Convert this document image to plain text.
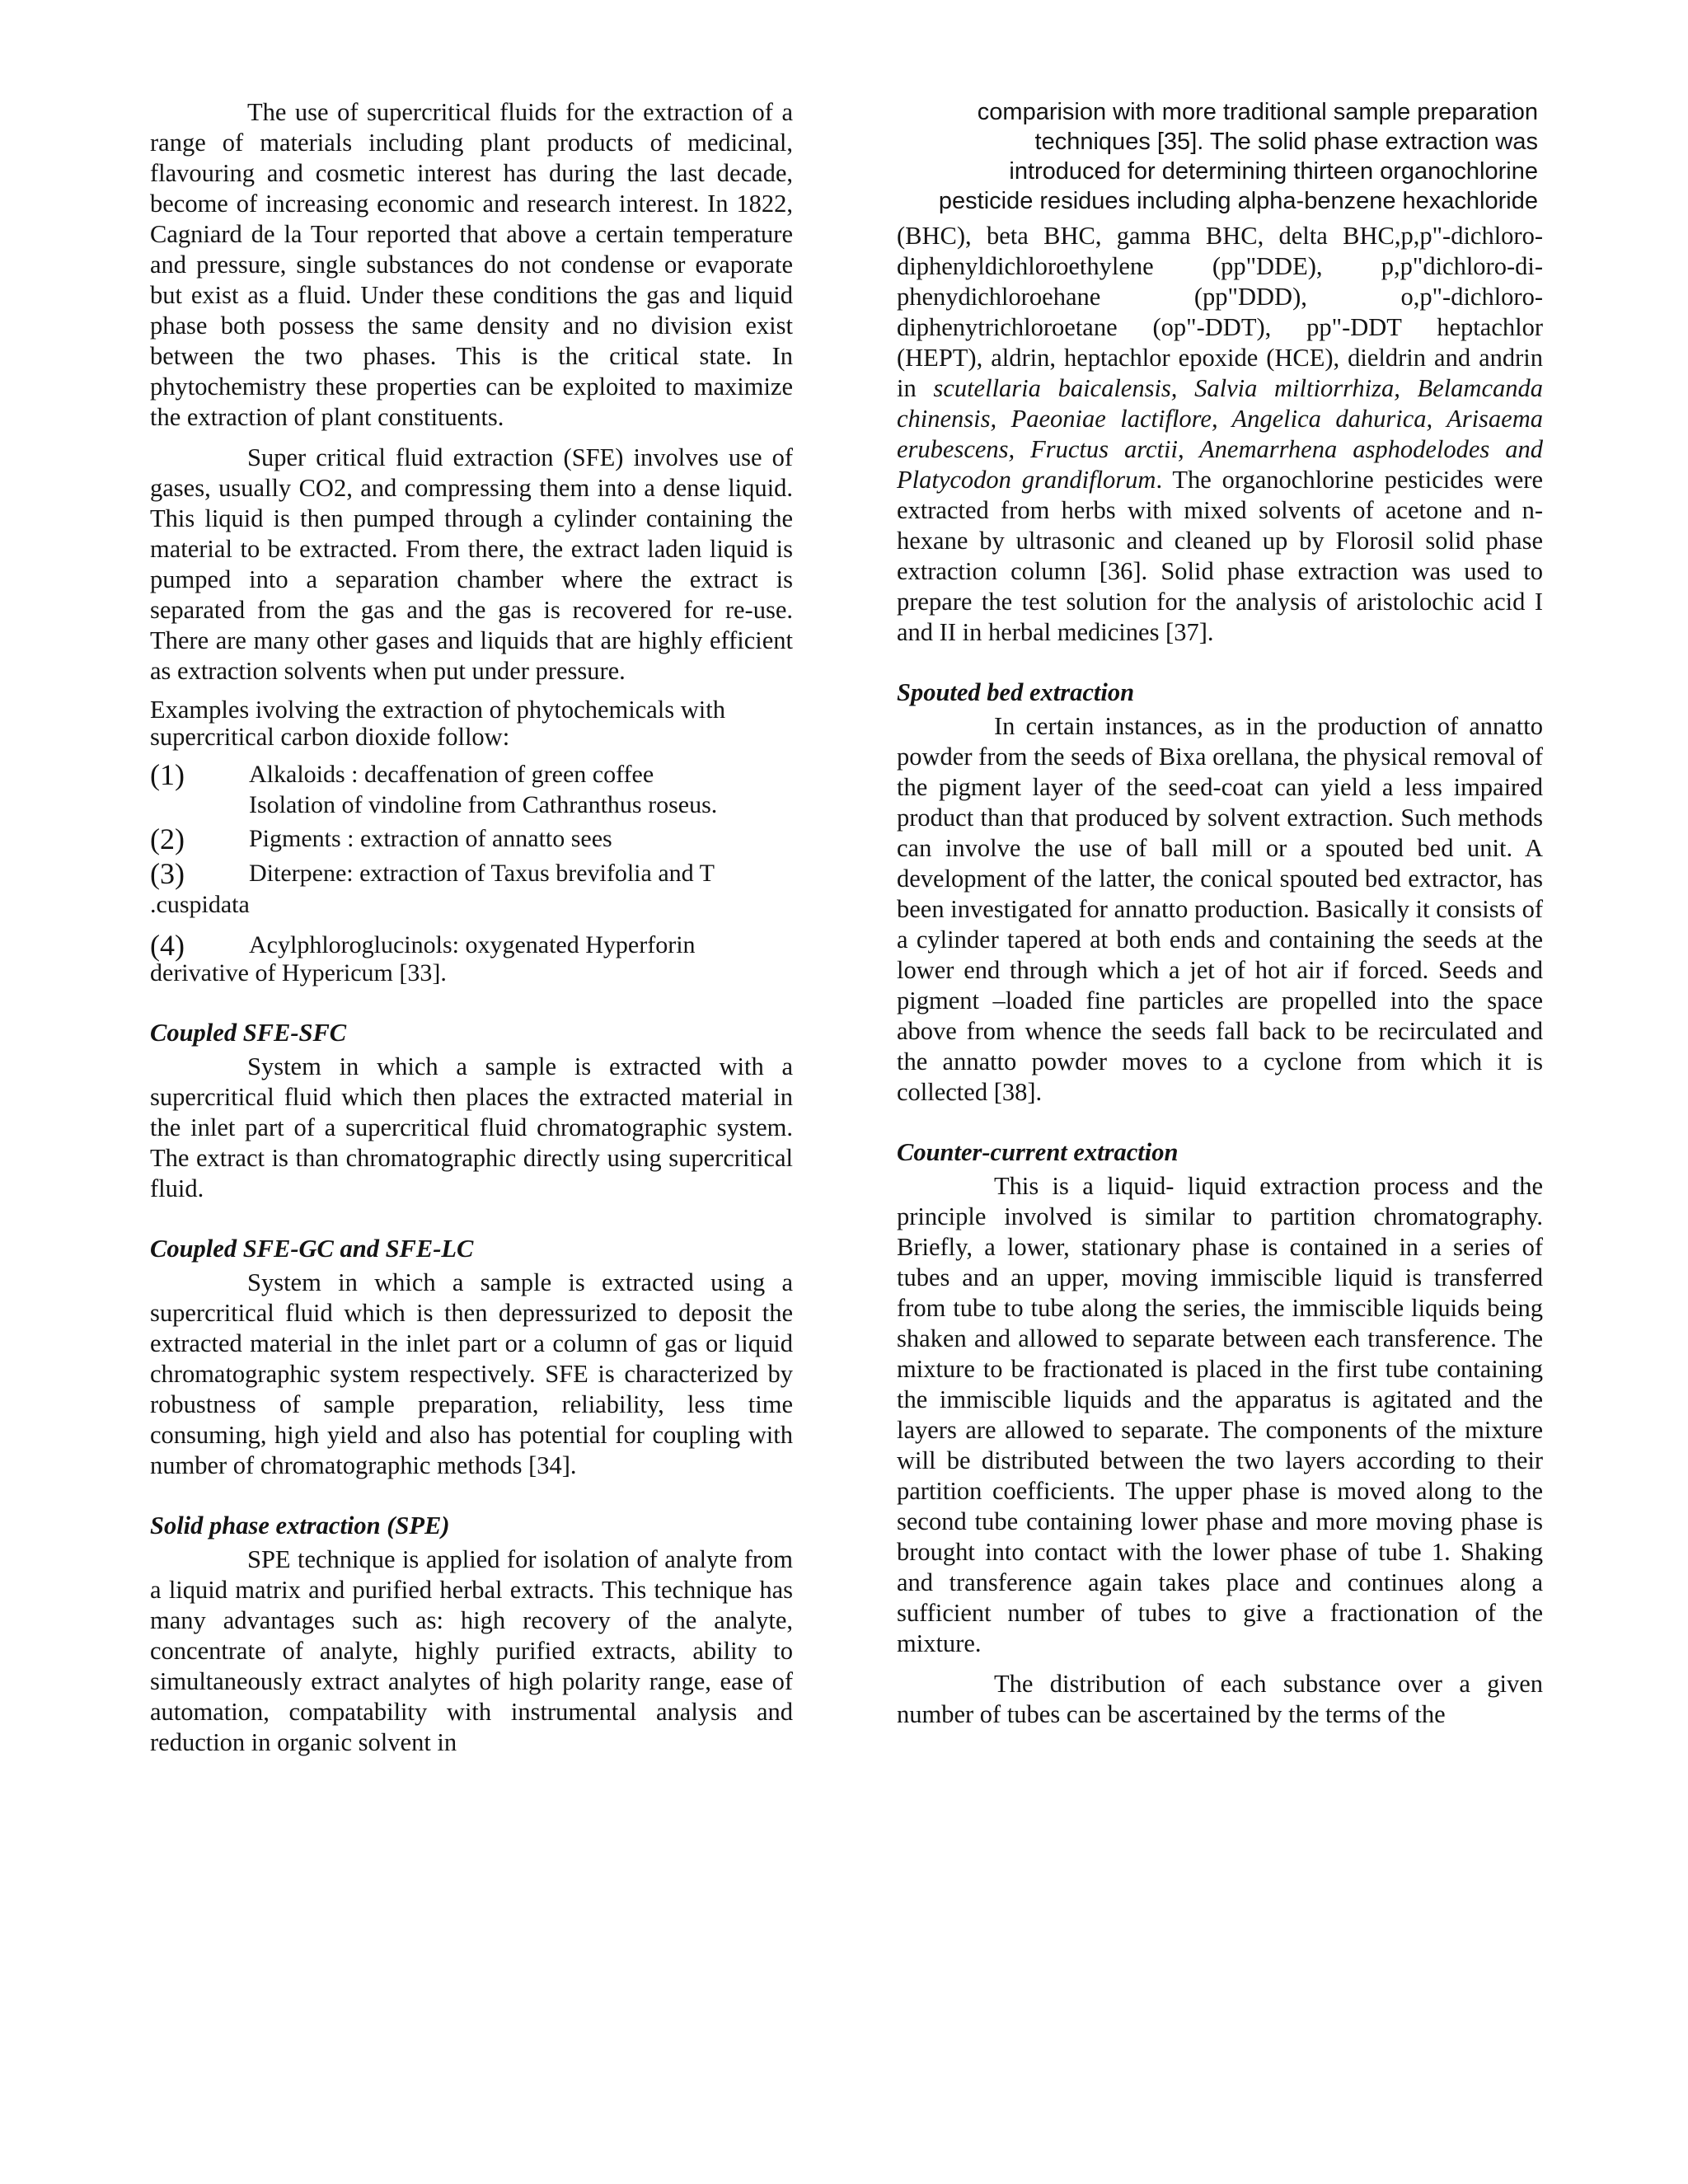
The use of supercritical fluids for the extraction of a range of materials including plant products of medicinal, flavouring and cosmetic interest has during the last decade, become of increasing economic and research interest. In 1822, Cagniard de la Tour reported that above a certain temperature and pressure, single substances do not condense or evaporate but exist as a fluid. Under these conditions the gas and liquid phase both possess the same density and no division exist between the two phases. This is the critical state. In phytochemistry these properties can be exploited to maximize the extraction of plant constituents.

Super critical fluid extraction (SFE) involves use of gases, usually CO2, and compressing them into a dense liquid. This liquid is then pumped through a cylinder containing the material to be extracted. From there, the extract laden liquid is pumped into a separation chamber where the extract is separated from the gas and the gas is recovered for re-use. There are many other gases and liquids that are highly efficient as extraction solvents when put under pressure.

Examples ivolving the extraction of phytochemicals with supercritical carbon dioxide follow:

(1)	Alkaloids : decaffenation of green coffee
Isolation of vindoline from Cathranthus roseus.
(2)	Pigments : extraction of annatto sees
(3)	Diterpene: extraction of Taxus brevifolia and T
.cuspidata
(4)	Acylphloroglucinols: oxygenated Hyperforin
derivative of Hypericum [33].

Coupled SFE-SFC

System in which a sample is extracted with a supercritical fluid which then places the extracted material in the inlet part of a supercritical fluid chromatographic system. The extract is than chromatographic directly using supercritical fluid.

Coupled SFE-GC and SFE-LC

System in which a sample is extracted using a supercritical fluid which is then depressurized to deposit the extracted material in the inlet part or a column of gas or liquid chromatographic system respectively. SFE is characterized by robustness of sample preparation, reliability, less time consuming, high yield and also has potential for coupling with number of chromatographic methods [34].

Solid phase extraction (SPE)

SPE technique is applied for isolation of analyte from a liquid matrix and purified herbal extracts. This technique has many advantages such as: high recovery of the analyte, concentrate of analyte, highly purified extracts, ability to simultaneously extract analytes of high polarity range, ease of automation, compatability with instrumental analysis and reduction in organic solvent in

comparision with more traditional sample preparation

techniques [35]. The solid phase extraction was

introduced for determining thirteen organochlorine

pesticide residues including alpha-benzene hexachloride

(BHC), beta BHC, gamma BHC, delta BHC,p,p"-dichloro-diphenyldichloroethylene (pp"DDE), p,p"dichloro-di-phenydichloroehane (pp"DDD), o,p"-dichloro-diphenytrichloroetane (op"-DDT), pp"-DDT heptachlor (HEPT), aldrin, heptachlor epoxide (HCE), dieldrin and andrin in scutellaria baicalensis, Salvia miltiorrhiza, Belamcanda chinensis, Paeoniae lactiflore, Angelica dahurica, Arisaema erubescens, Fructus arctii, Anemarrhena asphodelodes and Platycodon grandiflorum. The organochlorine pesticides were extracted from herbs with mixed solvents of acetone and n-hexane by ultrasonic and cleaned up by Florosil solid phase extraction column [36]. Solid phase extraction was used to prepare the test solution for the analysis of aristolochic acid I and II in herbal medicines [37].

Spouted bed extraction

In certain instances, as in the production of annatto powder from the seeds of Bixa orellana, the physical removal of the pigment layer of the seed-coat can yield a less impaired product than that produced by solvent extraction. Such methods can involve the use of ball mill or a spouted bed unit. A development of the latter, the conical spouted bed extractor, has been investigated for annatto production. Basically it consists of a cylinder tapered at both ends and containing the seeds at the lower end through which a jet of hot air if forced. Seeds and pigment –loaded fine particles are propelled into the space above from whence the seeds fall back to be recirculated and the annatto powder moves to a cyclone from which it is collected [38].

Counter-current extraction

This is a liquid- liquid extraction process and the principle involved is similar to partition chromatography. Briefly, a lower, stationary phase is contained in a series of tubes and an upper, moving immiscible liquid is transferred from tube to tube along the series, the immiscible liquids being shaken and allowed to separate between each transference. The mixture to be fractionated is placed in the first tube containing the immiscible liquids and the apparatus is agitated and the layers are allowed to separate. The components of the mixture will be distributed between the two layers according to their partition coefficients. The upper phase is moved along to the second tube containing lower phase and more moving phase is brought into contact with the lower phase of tube 1. Shaking and transference again takes place and continues along a sufficient number of tubes to give a fractionation of the mixture.

The distribution of each substance over a given number of tubes can be ascertained by the terms of the
